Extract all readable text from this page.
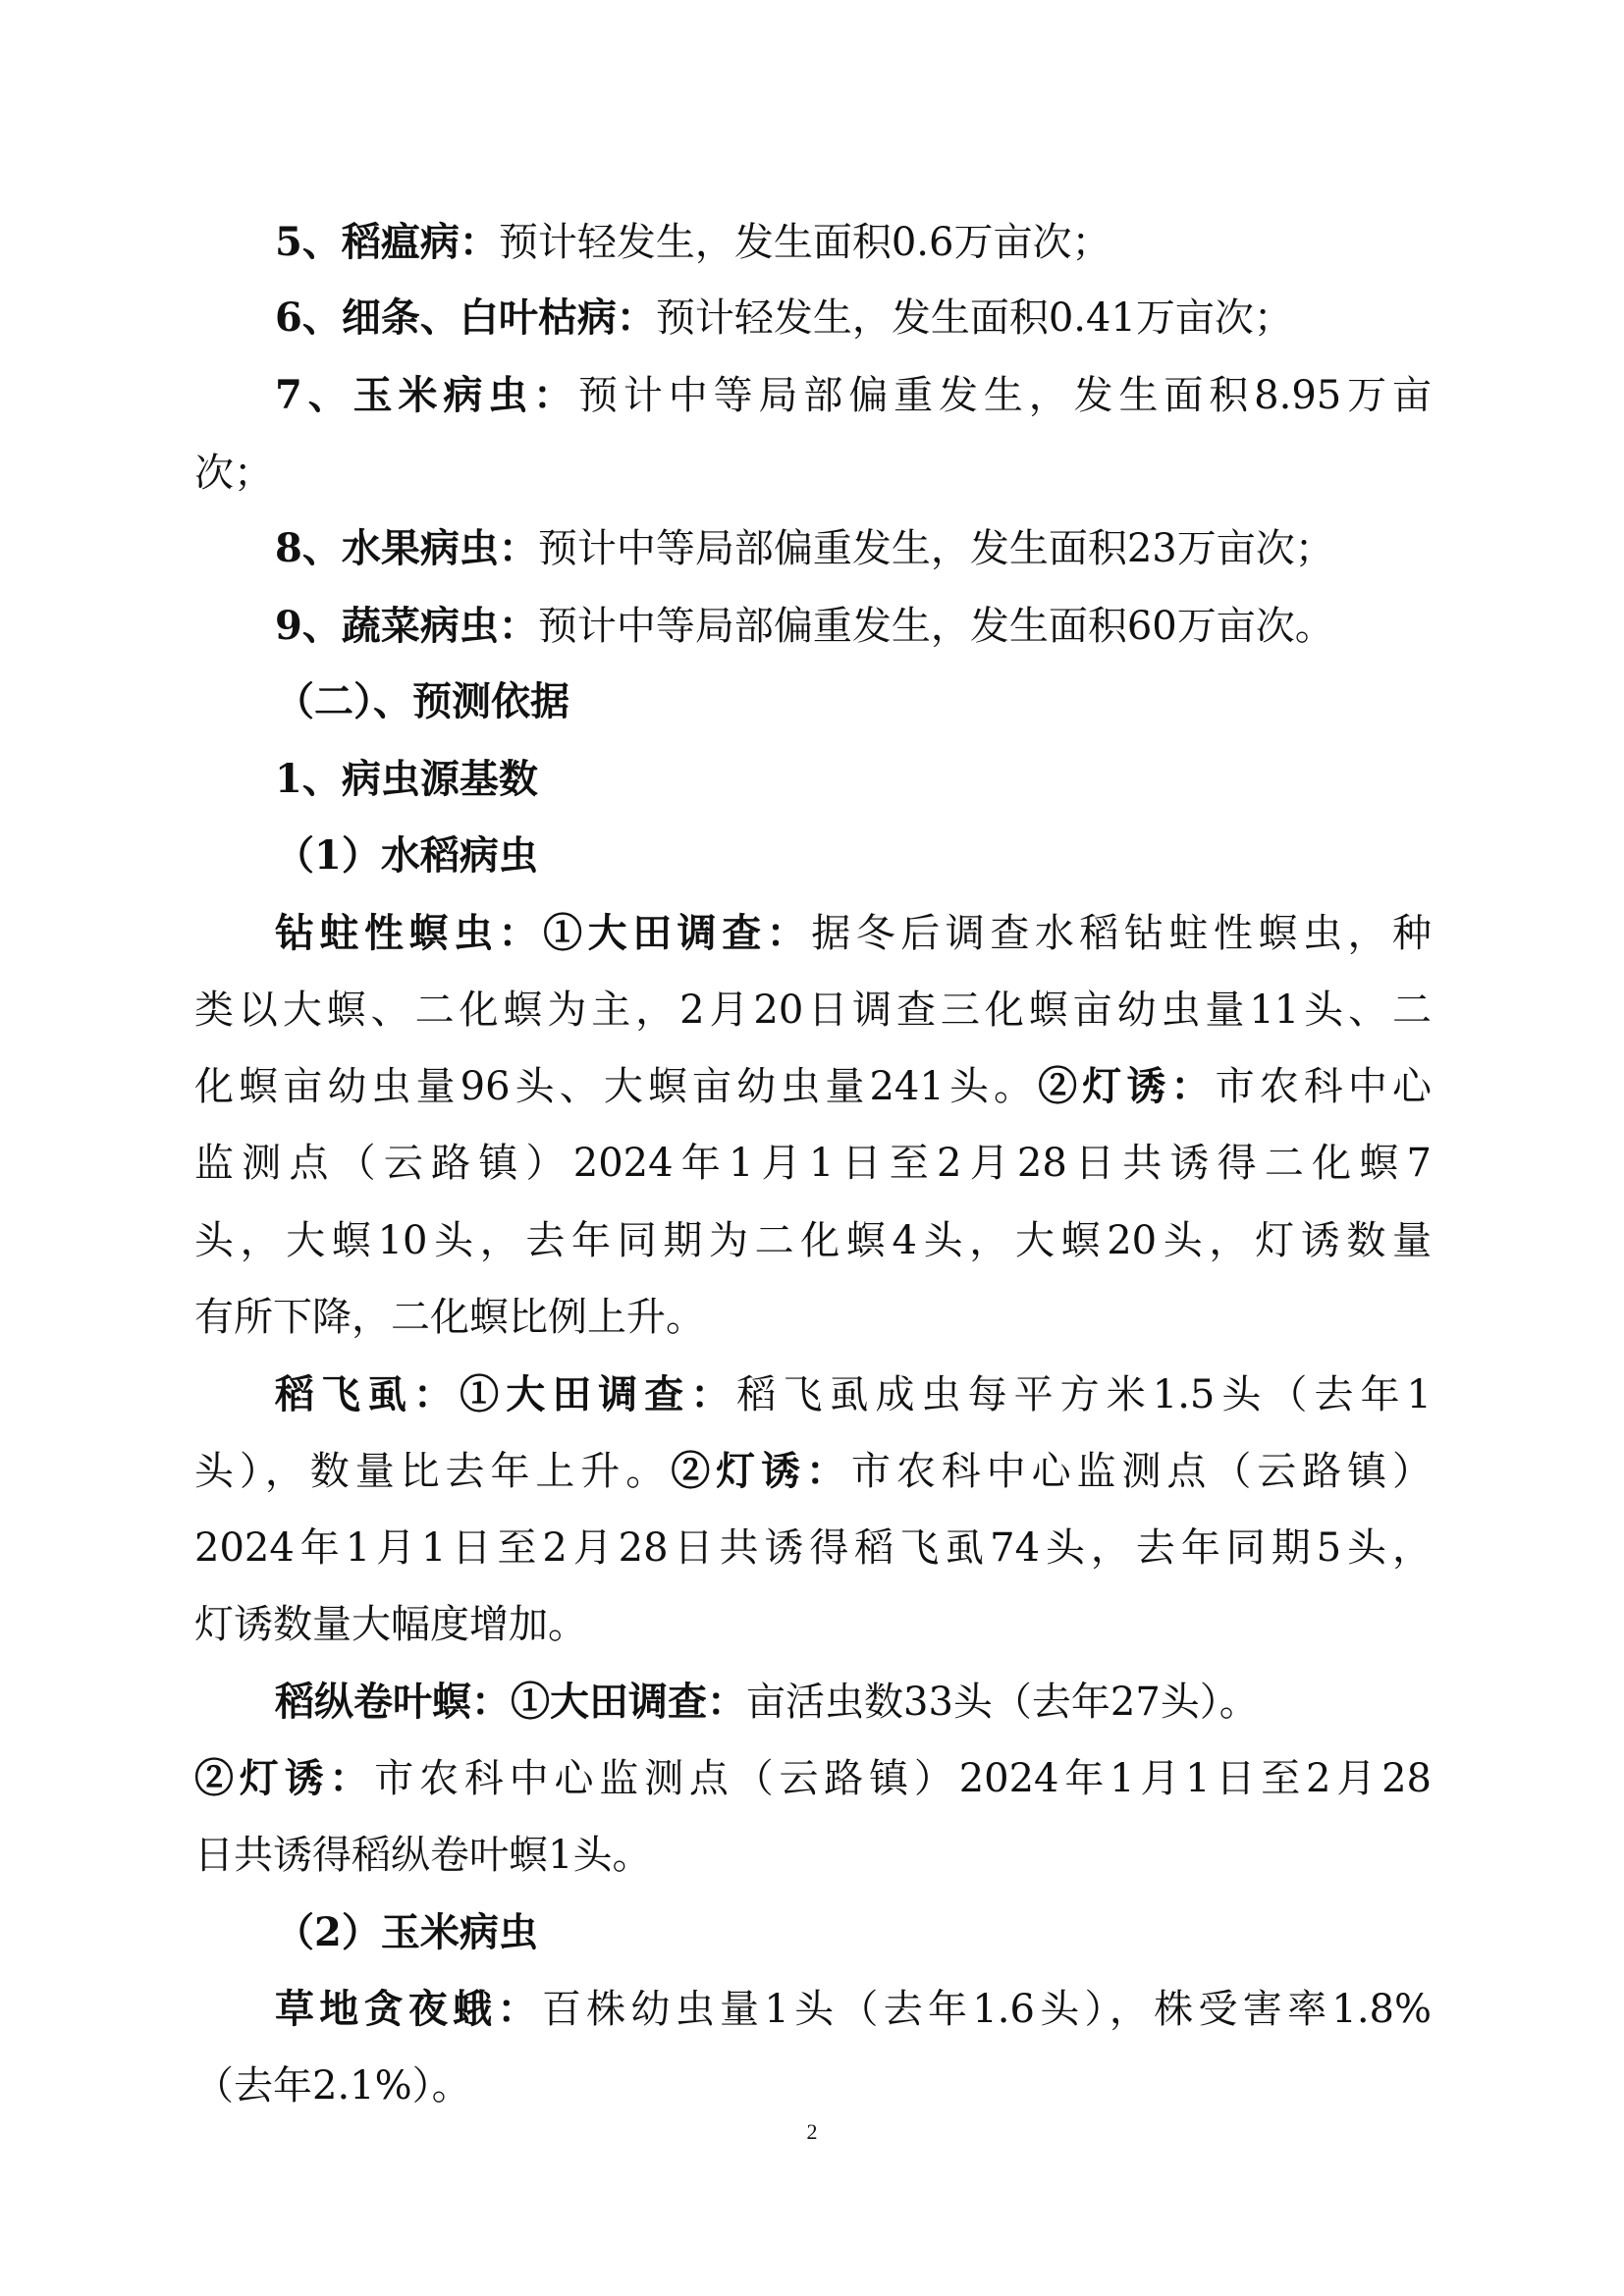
5、稻瘟病：预计轻发生，发生面积0.6万亩次；

6、细条、白叶枯病：预计轻发生，发生面积0.41万亩次；

7、玉米病虫：预计中等局部偏重发生，发生面积8.95万亩

次；

8、水果病虫：预计中等局部偏重发生，发生面积23万亩次；

9、蔬菜病虫：预计中等局部偏重发生，发生面积60万亩次。

（二）、预测依据

1、病虫源基数

（1）水稻病虫

钻蛀性螟虫：①大田调查：据冬后调查水稻钻蛀性螟虫，种

类以大螟、二化螟为主，2月20日调查三化螟亩幼虫量11头、二

化螟亩幼虫量96头、大螟亩幼虫量241头。②灯诱：市农科中心

监测点（云路镇）2024年1月1日至2月28日共诱得二化螟7

头，大螟10头，去年同期为二化螟4头，大螟20头，灯诱数量

有所下降，二化螟比例上升。

稻飞虱：①大田调查：稻飞虱成虫每平方米1.5头（去年1

头），数量比去年上升。②灯诱：市农科中心监测点（云路镇）

2024年1月1日至2月28日共诱得稻飞虱74头，去年同期5头，

灯诱数量大幅度增加。

稻纵卷叶螟：①大田调查：亩活虫数33头（去年27头）。

②灯诱：市农科中心监测点（云路镇）2024年1月1日至2月28

日共诱得稻纵卷叶螟1头。

（2）玉米病虫

草地贪夜蛾：百株幼虫量1头（去年1.6头），株受害率1.8%

（去年2.1%）。

2
